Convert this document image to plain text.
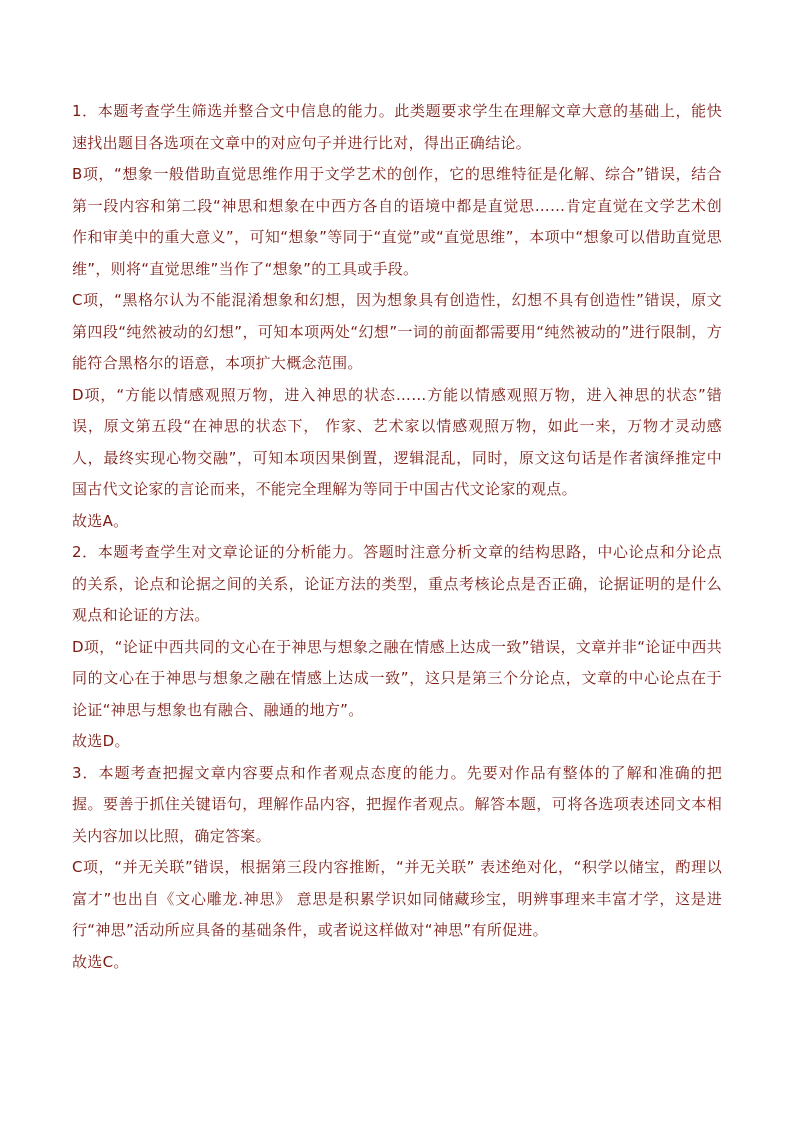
1．本题考查学生筛选并整合文中信息的能力。此类题要求学生在理解文章大意的基础上，能快速找出题目各选项在文章中的对应句子并进行比对，得出正确结论。

B项，“想象一般借助直觉思维作用于文学艺术的创作，它的思维特征是化解、综合”错误，结合第一段内容和第二段“神思和想象在中西方各自的语境中都是直觉思……肯定直觉在文学艺术创作和审美中的重大意义”，可知“想象”等同于“直觉”或“直觉思维”，本项中“想象可以借助直觉思维”，则将“直觉思维”当作了“想象”的工具或手段。

C项，“黑格尔认为不能混淆想象和幻想，因为想象具有创造性，幻想不具有创造性”错误，原文第四段“纯然被动的幻想”，可知本项两处“幻想”一词的前面都需要用“纯然被动的”进行限制，方能符合黑格尔的语意，本项扩大概念范围。

D项，“方能以情感观照万物，进入神思的状态……方能以情感观照万物，进入神思的状态”错误，原文第五段“在神思的状态下， 作家、艺术家以情感观照万物，如此一来，万物才灵动感人，最终实现心物交融”，可知本项因果倒置，逻辑混乱，同时，原文这句话是作者演绎推定中国古代文论家的言论而来，不能完全理解为等同于中国古代文论家的观点。

故选A。

2．本题考查学生对文章论证的分析能力。答题时注意分析文章的结构思路，中心论点和分论点的关系，论点和论据之间的关系，论证方法的类型，重点考核论点是否正确，论据证明的是什么观点和论证的方法。

D项，“论证中西共同的文心在于神思与想象之融在情感上达成一致”错误，文章并非“论证中西共同的文心在于神思与想象之融在情感上达成一致”，这只是第三个分论点，文章的中心论点在于论证“神思与想象也有融合、融通的地方”。

故选D。

3．本题考查把握文章内容要点和作者观点态度的能力。先要对作品有整体的了解和准确的把握。要善于抓住关键语句，理解作品内容，把握作者观点。解答本题，可将各选项表述同文本相关内容加以比照，确定答案。

C项，“并无关联”错误，根据第三段内容推断，“并无关联” 表述绝对化，“积学以储宝，酌理以富才”也出自《文心雕龙.神思》 意思是积累学识如同储藏珍宝，明辨事理来丰富才学，这是进行“神思”活动所应具备的基础条件，或者说这样做对“神思”有所促进。

故选C。
